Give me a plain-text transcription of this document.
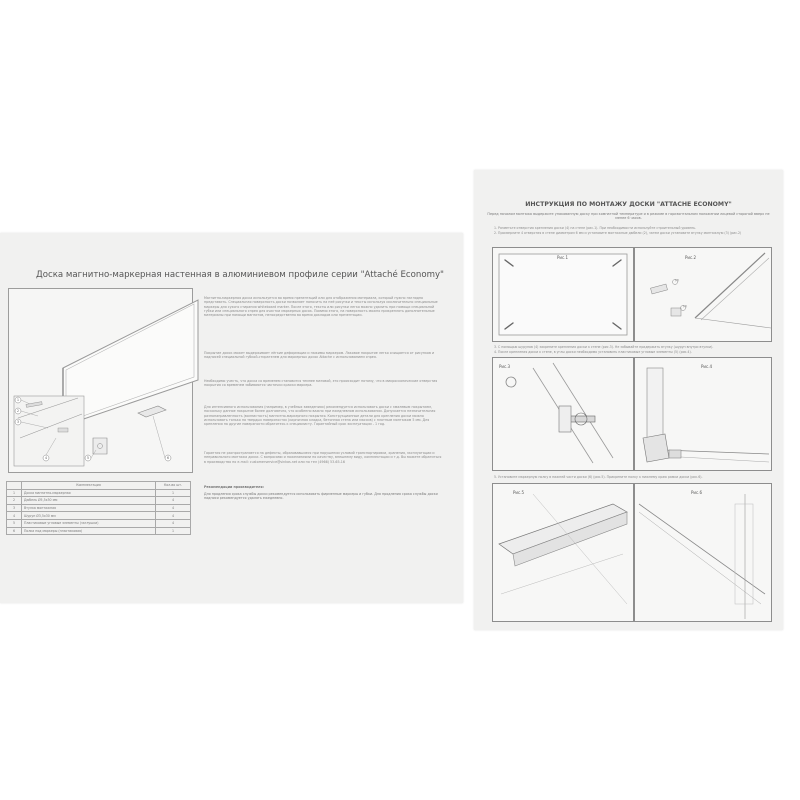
Доска магнитно-маркерная настенная в алюминиевом профиле серии "Attaché Economy"
1
2
3
4	5	6
	Комплектация	Кол-во шт.
1	Доска магнитно-маркерная	1
2	Дюбель Ø5,5х30 мм	4
3	Втулка монтажная	4
4	Шуруп Ø3,5х30 мм	4
5	Пластиковые угловые элементы (заглушки)	4
6	Полка под маркеры (пластиковая)	1
Магнитно-маркерная доска используется во время презентаций или для отображения материала, который нужно наглядно представить. Специальная поверхность доски позволяет наносить на неё рисунки и тексты используя исключительно специальные маркеры для сухого стирания whiteboard marker. После этого, тексты или рисунки легко можно удалить при помощи специальной губки или специального спрея для очистки маркерных досок. Помимо этого, на поверхность можно прикреплять дополнительные материалы при помощи магнитов, непосредственно во время докладов или презентации.
Покрытие досок может выдерживает лёгкие деформации и нажимы маркером. Лаковое покрытие легко очищается от рисунков и надписей специальной губкой-стирателем для маркерных досок Attache с использованием спрея.
Необходимо учесть, что доска со временем становится темнее матовой, это происходит потому, что в микроскопические отверстия покрытия со временем забиваются частички краски маркера.
Для интенсивного использования (например, в учебных заведениях) рекомендуется использовать доски с эмалевым покрытием, поскольку данное покрытие более долговечно, что особенно важно при ежедневном использовании. Допускается незначительная разнонаправленность (волнистость) магнитно-маркерного покрытия. Конструкционные детали для крепления доски можно использовать только на твердых поверхностях (кирпичная кладка, бетонная стена или массив) с плотным монтажом 5 мм. Для крепления на другие поверхности обратитесь к специалисту. Гарантийный срок эксплуатации - 1 год.
Гарантия не распространяется на дефекты, образовавшиеся при нарушении условий транспортировки, хранения, эксплуатации и неправильного монтажа доски. С вопросами и пожеланиями по качеству, внешнему виду, комплектации и т.д. Вы можете обратиться в производство по e-mail: customerservice@sinkas.net или по тел (4966) 53-65-16
Рекомендации производителя:
Для продления срока службы доски рекомендуется использовать фирменные маркеры и губки. Для продления срока службы доски надписи рекомендуется удалять ежедневно.
ИНСТРУКЦИЯ ПО МОНТАЖУ ДОСКИ "ATTACHE ECONOMY"
Перед началом монтажа выдержите упакованную доску при комнатной температуре и в режиме в горизонтальном положении лицевой стороной вверх не менее 6 часов.
1. Разметьте отверстия крепления доски (4) на стене (рис.1). При необходимости используйте строительный уровень.
2. Просверлите 4 отверстия в стене диаметром 6 мм и установите монтажные дюбели (2), затем доски установите втулку монтажную (3) (рис.2)
Рис.1	Рис.2
(3)
(4)
3. С помощью шурупов (4) закрепите крепления доски к стене (рис.3). Не забывайте придержать втулку (шуруп внутри втулки).
4. После крепления доски к стене, в углы доски необходимо установить пластиковые угловые элементы (5) (рис.4).
Рис.3	Рис.4
5. Установите маркерную полку в нижней части доски (6) (рис.5). Прикрепите полку к нижнему краю рамки доски (рис.6).
Рис.5	Рис.6
